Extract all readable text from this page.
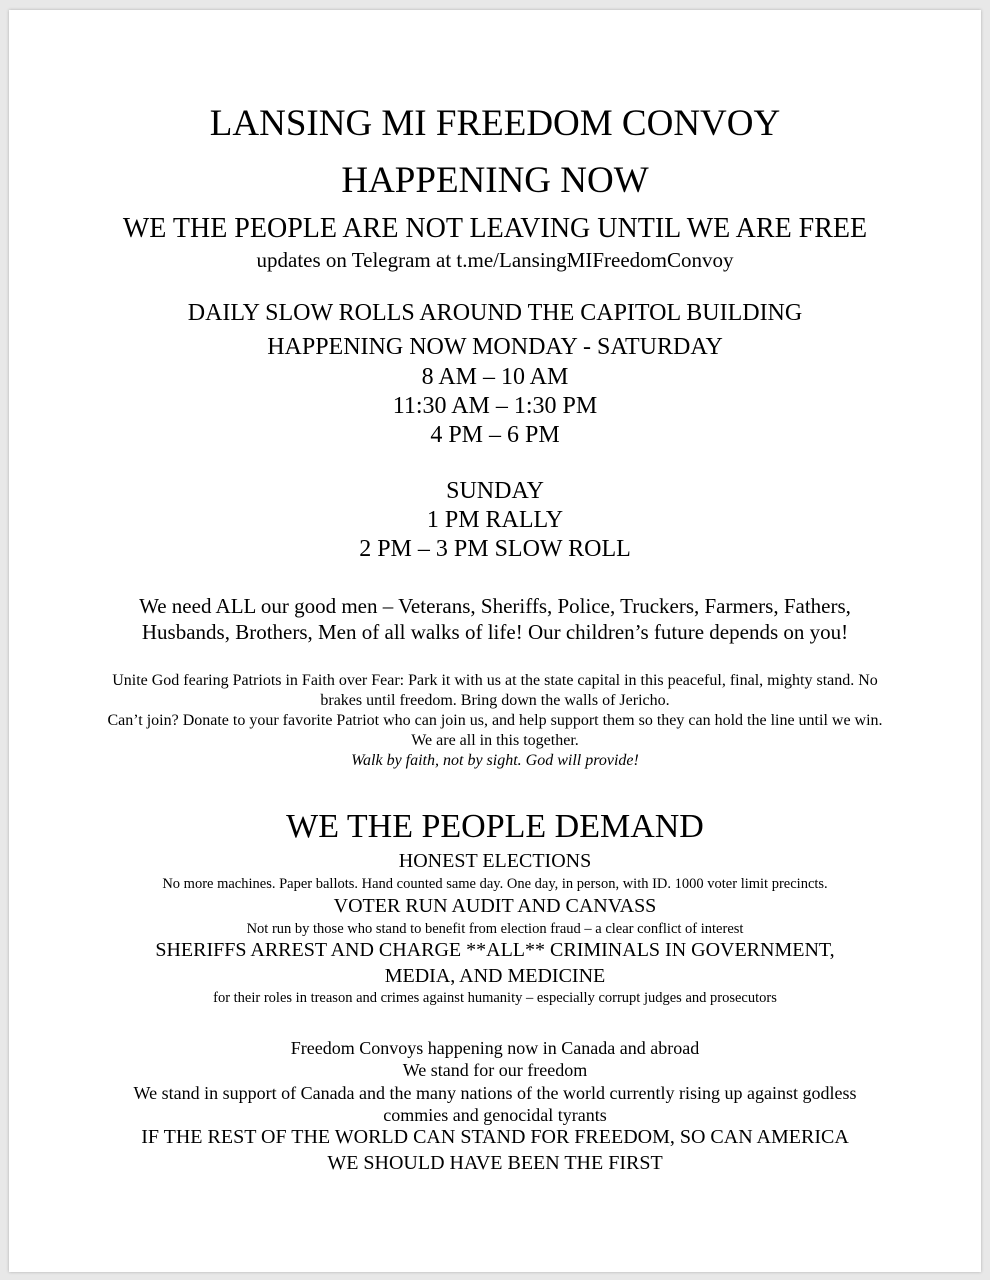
LANSING MI FREEDOM CONVOY
HAPPENING NOW
WE THE PEOPLE ARE NOT LEAVING UNTIL WE ARE FREE
updates on Telegram at t.me/LansingMIFreedomConvoy
DAILY SLOW ROLLS AROUND THE CAPITOL BUILDING
HAPPENING NOW MONDAY - SATURDAY
8 AM – 10 AM
11:30 AM – 1:30 PM
4 PM – 6 PM
SUNDAY
1 PM RALLY
2 PM – 3 PM SLOW ROLL
We need ALL our good men – Veterans, Sheriffs, Police, Truckers, Farmers, Fathers,
Husbands, Brothers, Men of all walks of life! Our children’s future depends on you!
Unite God fearing Patriots in Faith over Fear: Park it with us at the state capital in this peaceful, final, mighty stand. No brakes until freedom. Bring down the walls of Jericho.
Can’t join? Donate to your favorite Patriot who can join us, and help support them so they can hold the line until we win. We are all in this together.
Walk by faith, not by sight. God will provide!
WE THE PEOPLE DEMAND
HONEST ELECTIONS
No more machines. Paper ballots. Hand counted same day. One day, in person, with ID. 1000 voter limit precincts.
VOTER RUN AUDIT AND CANVASS
Not run by those who stand to benefit from election fraud – a clear conflict of interest
SHERIFFS ARREST AND CHARGE **ALL** CRIMINALS IN GOVERNMENT,
MEDIA, AND MEDICINE
for their roles in treason and crimes against humanity – especially corrupt judges and prosecutors
Freedom Convoys happening now in Canada and abroad
We stand for our freedom
We stand in support of Canada and the many nations of the world currently rising up against godless commies and genocidal tyrants
IF THE REST OF THE WORLD CAN STAND FOR FREEDOM, SO CAN AMERICA
WE SHOULD HAVE BEEN THE FIRST
